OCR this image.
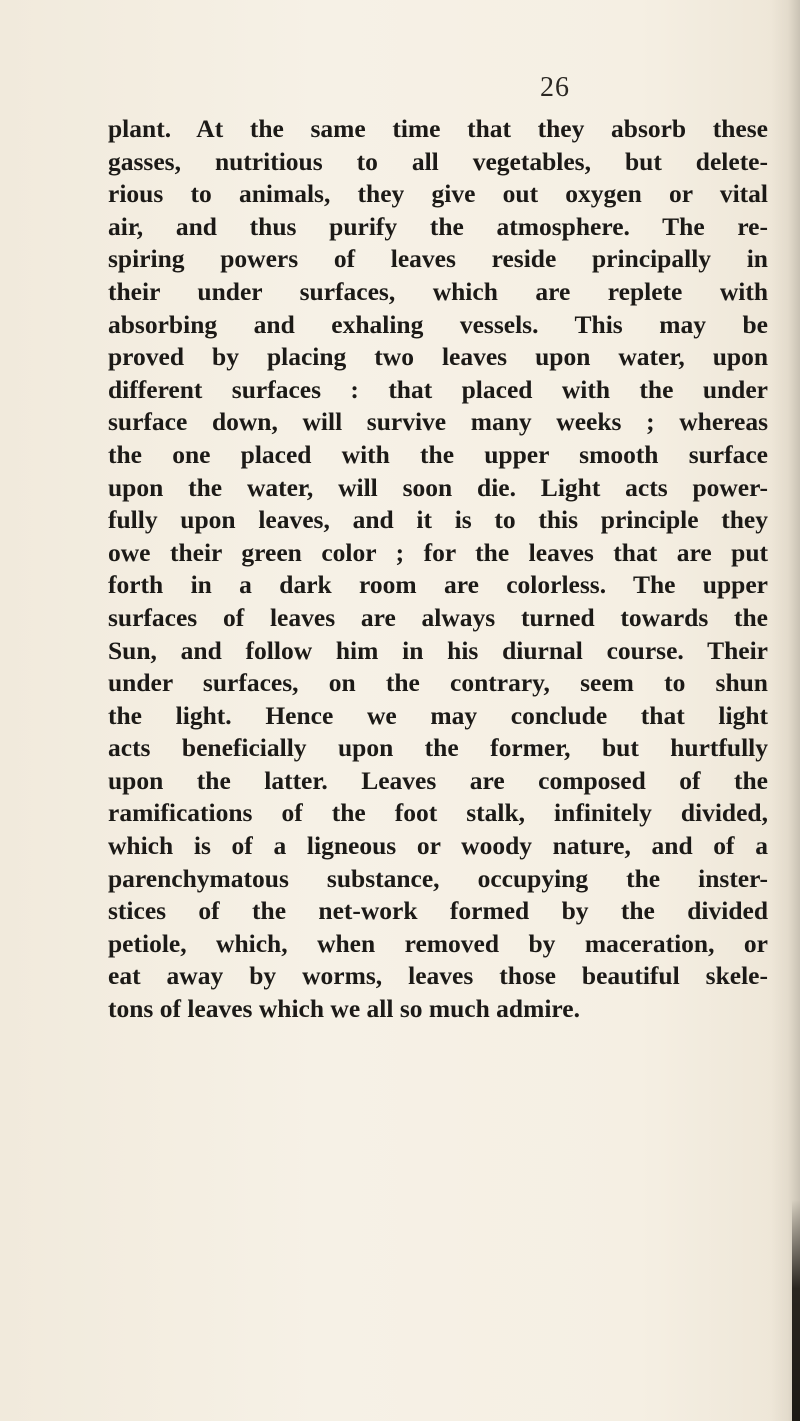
26
plant. At the same time that they absorb these
gasses, nutritious to all vegetables, but delete-
rious to animals, they give out oxygen or vital
air, and thus purify the atmosphere. The re-
spiring powers of leaves reside principally in
their under surfaces, which are replete with
absorbing and exhaling vessels. This may be
proved by placing two leaves upon water, upon
different surfaces : that placed with the under
surface down, will survive many weeks ; whereas
the one placed with the upper smooth surface
upon the water, will soon die. Light acts power-
fully upon leaves, and it is to this principle they
owe their green color ; for the leaves that are put
forth in a dark room are colorless. The upper
surfaces of leaves are always turned towards the
Sun, and follow him in his diurnal course. Their
under surfaces, on the contrary, seem to shun
the light. Hence we may conclude that light
acts beneficially upon the former, but hurtfully
upon the latter. Leaves are composed of the
ramifications of the foot stalk, infinitely divided,
which is of a ligneous or woody nature, and of a
parenchymatous substance, occupying the inster-
stices of the net-work formed by the divided
petiole, which, when removed by maceration, or
eat away by worms, leaves those beautiful skele-
tons of leaves which we all so much admire.
